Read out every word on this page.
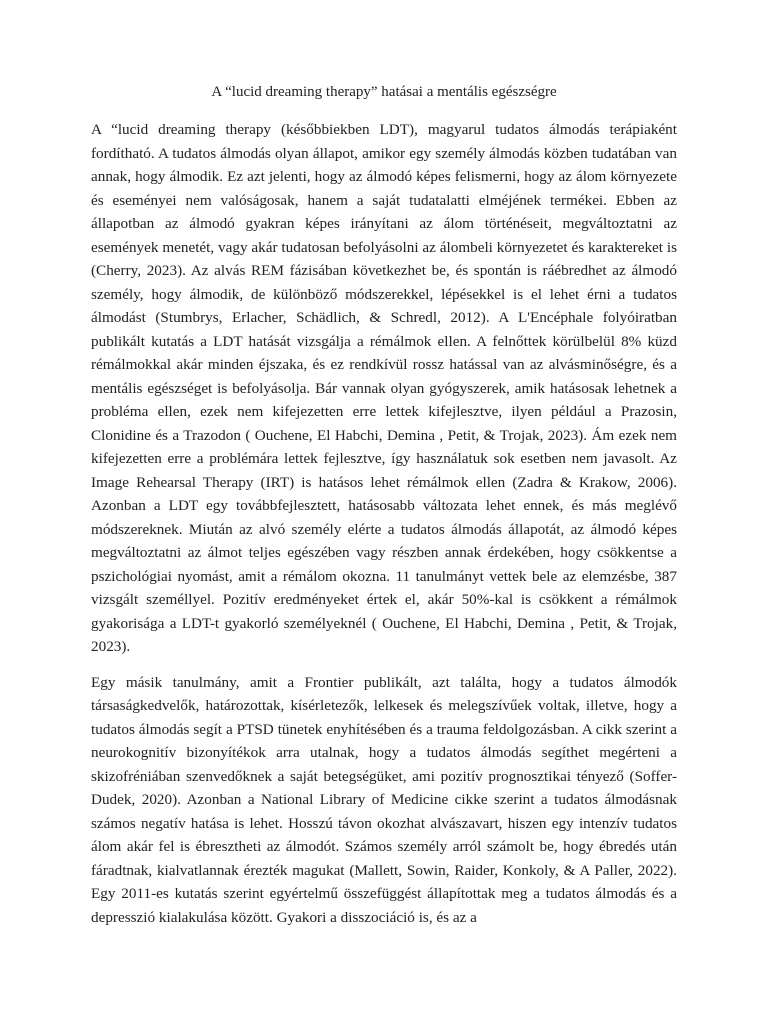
A “lucid dreaming therapy” hatásai a mentális egészségre

A “lucid dreaming therapy (későbbiekben LDT), magyarul tudatos álmodás terápiaként fordítható. A tudatos álmodás olyan állapot, amikor egy személy álmodás közben tudatában van annak, hogy álmodik. Ez azt jelenti, hogy az álmodó képes felismerni, hogy az álom környezete és eseményei nem valóságosak, hanem a saját tudatalatti elméjének termékei. Ebben az állapotban az álmodó gyakran képes irányítani az álom történéseit, megváltoztatni az események menetét, vagy akár tudatosan befolyásolni az álombeli környezetet és karaktereket is (Cherry, 2023). Az alvás REM fázisában következhet be, és spontán is ráébredhet az álmodó személy, hogy álmodik, de különböző módszerekkel, lépésekkel is el lehet érni a tudatos álmodást (Stumbrys, Erlacher, Schädlich, & Schredl, 2012). A L'Encéphale folyóiratban publikált kutatás a LDT hatását vizsgálja a rémálmok ellen. A felnőttek körülbelül 8% küzd rémálmokkal akár minden éjszaka, és ez rendkívül rossz hatással van az alvásminőségre, és a mentális egészséget is befolyásolja. Bár vannak olyan gyógyszerek, amik hatásosak lehetnek a probléma ellen, ezek nem kifejezetten erre lettek kifejlesztve, ilyen például a Prazosin, Clonidine és a Trazodon ( Ouchene, El Habchi, Demina , Petit, & Trojak, 2023). Ám ezek nem kifejezetten erre a problémára lettek fejlesztve, így használatuk sok esetben nem javasolt. Az Image Rehearsal Therapy (IRT) is hatásos lehet rémálmok ellen (Zadra & Krakow, 2006). Azonban a LDT egy továbbfejlesztett, hatásosabb változata lehet ennek, és más meglévő módszereknek. Miután az alvó személy elérte a tudatos álmodás állapotát, az álmodó képes megváltoztatni az álmot teljes egészében vagy részben annak érdekében, hogy csökkentse a pszichológiai nyomást, amit a rémálom okozna. 11 tanulmányt vettek bele az elemzésbe, 387 vizsgált személlyel. Pozitív eredményeket értek el, akár 50%-kal is csökkent a rémálmok gyakorisága a LDT-t gyakorló személyeknél ( Ouchene, El Habchi, Demina , Petit, & Trojak, 2023).

Egy másik tanulmány, amit a Frontier publikált, azt találta, hogy a tudatos álmodók társaságkedvelők, határozottak, kísérletezők, lelkesek és melegszívűek voltak, illetve, hogy a tudatos álmodás segít a PTSD tünetek enyhítésében és a trauma feldolgozásban. A cikk szerint a neurokognitív bizonyítékok arra utalnak, hogy a tudatos álmodás segíthet megérteni a skizofréniában szenvedőknek a saját betegségüket, ami pozitív prognosztikai tényező (Soffer-Dudek, 2020). Azonban a National Library of Medicine cikke szerint a tudatos álmodásnak számos negatív hatása is lehet. Hosszú távon okozhat alvászavart, hiszen egy intenzív tudatos álom akár fel is ébresztheti az álmodót. Számos személy arról számolt be, hogy ébredés után fáradtnak, kialvatlannak érezték magukat (Mallett, Sowin, Raider, Konkoly, & A Paller, 2022). Egy 2011-es kutatás szerint egyértelmű összefüggést állapítottak meg a tudatos álmodás és a depresszió kialakulása között. Gyakori a disszociáció is, és az a
